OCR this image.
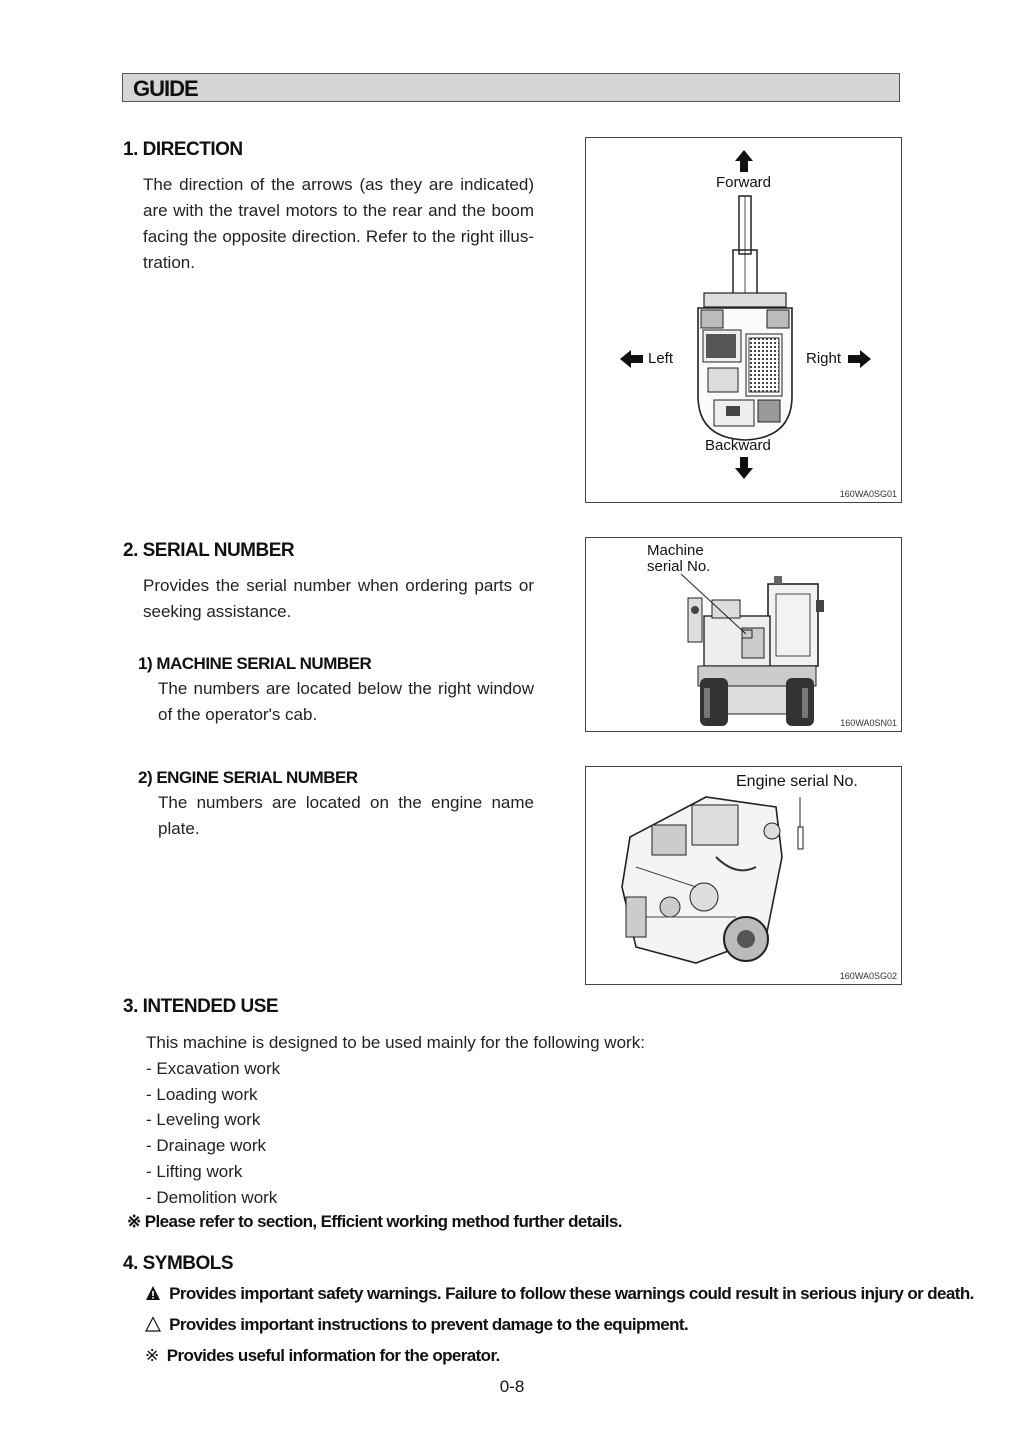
GUIDE
1. DIRECTION
The direction of the arrows (as they are indicated)
are with the travel motors to the rear and the boom
facing the opposite direction. Refer to the right illus-
tration.
Forward
Backward
Left	Right
160WA0SG01
2. SERIAL NUMBER
Provides the serial number when ordering parts or
seeking assistance.
1) MACHINE SERIAL NUMBER
The numbers are located below the right window
of the operator's cab.
Machine
serial No.
160WA0SN01
2) ENGINE SERIAL NUMBER
The numbers are located on the engine name
plate.
Engine serial No.
160WA0SG02
3. INTENDED USE
This machine is designed to be used mainly for the following work:
- Excavation work
- Loading work
- Leveling work
- Drainage work
- Lifting work
- Demolition work
※ Please refer to section, Efficient working method further details.
4. SYMBOLS
Provides important safety warnings. Failure to follow these warnings could result in serious injury or death.
Provides important instructions to prevent damage to the equipment.
※ Provides useful information for the operator.
0-8
